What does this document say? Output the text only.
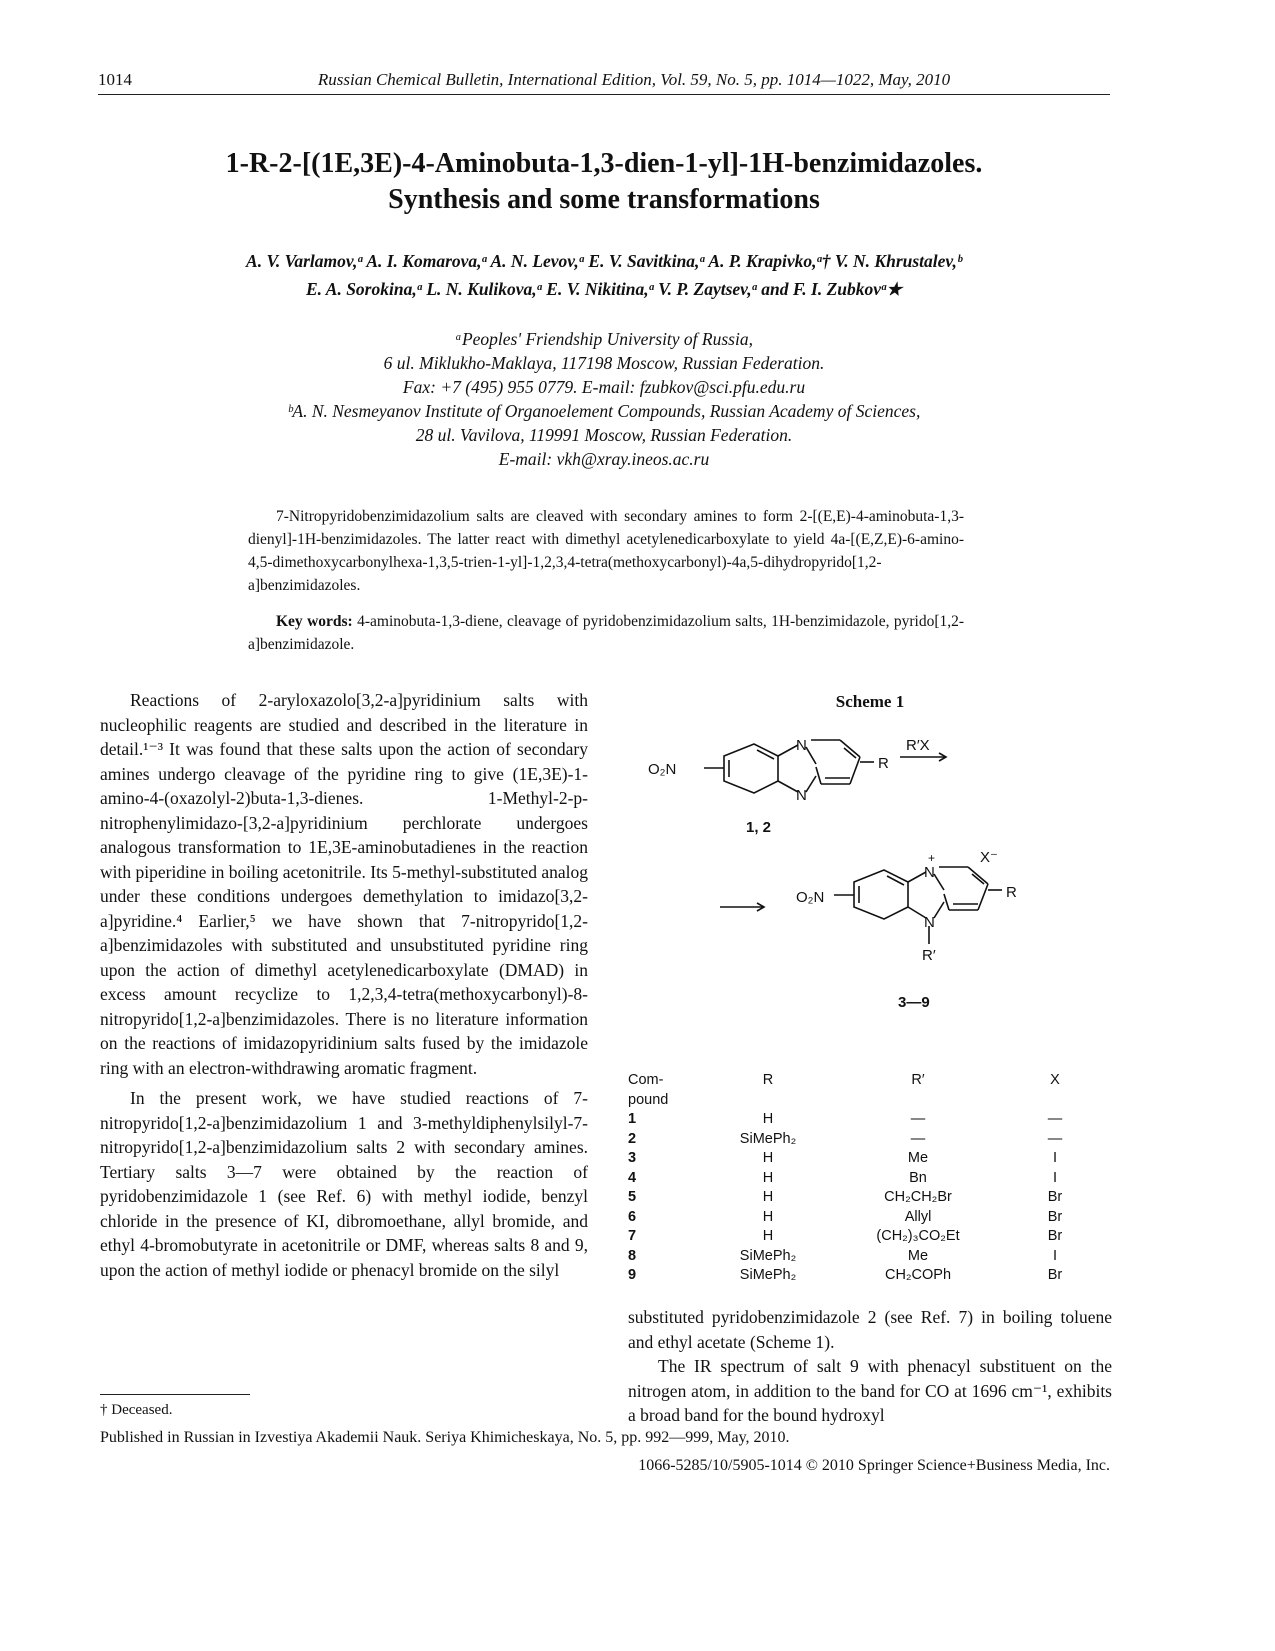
1014	Russian Chemical Bulletin, International Edition, Vol. 59, No. 5, pp. 1014—1022, May, 2010
1-R-2-[(1E,3E)-4-Aminobuta-1,3-dien-1-yl]-1H-benzimidazoles.
Synthesis and some transformations
A. V. Varlamov,ᵃ A. I. Komarova,ᵃ A. N. Levov,ᵃ E. V. Savitkina,ᵃ A. P. Krapivko,ᵃ† V. N. Khrustalev,ᵇ
E. A. Sorokina,ᵃ L. N. Kulikova,ᵃ E. V. Nikitina,ᵃ V. P. Zaytsev,ᵃ and F. I. Zubkovᵃ★
ᵃPeoples' Friendship University of Russia,
6 ul. Miklukho-Maklaya, 117198 Moscow, Russian Federation.
Fax: +7 (495) 955 0779. E-mail: fzubkov@sci.pfu.edu.ru
ᵇA. N. Nesmeyanov Institute of Organoelement Compounds, Russian Academy of Sciences,
28 ul. Vavilova, 119991 Moscow, Russian Federation.
E-mail: vkh@xray.ineos.ac.ru
7-Nitropyridobenzimidazolium salts are cleaved with secondary amines to form 2-[(E,E)-4-aminobuta-1,3-dienyl]-1H-benzimidazoles. The latter react with dimethyl acetylenedicarboxylate to yield 4a-[(E,Z,E)-6-amino-4,5-dimethoxycarbonylhexa-1,3,5-trien-1-yl]-1,2,3,4-tetra(methoxycarbonyl)-4a,5-dihydropyrido[1,2-a]benzimidazoles.
Key words: 4-aminobuta-1,3-diene, cleavage of pyridobenzimidazolium salts, 1H-benzimidazole, pyrido[1,2-a]benzimidazole.

Reactions of 2-aryloxazolo[3,2-a]pyridinium salts with nucleophilic reagents are studied and described in the literature in detail.¹⁻³ It was found that these salts upon the action of secondary amines undergo cleavage of the pyridine ring to give (1E,3E)-1-amino-4-(oxazolyl-2)buta-1,3-dienes. 1-Methyl-2-p-nitrophenylimidazo-[3,2-a]pyridinium perchlorate undergoes analogous transformation to 1E,3E-aminobutadienes in the reaction with piperidine in boiling acetonitrile. Its 5-methyl-substituted analog under these conditions undergoes demethylation to imidazo[3,2-a]pyridine.⁴ Earlier,⁵ we have shown that 7-nitropyrido[1,2-a]benzimidazoles with substituted and unsubstituted pyridine ring upon the action of dimethyl acetylenedicarboxylate (DMAD) in excess amount recyclize to 1,2,3,4-tetra(methoxycarbonyl)-8-nitropyrido[1,2-a]benzimidazoles. There is no literature information on the reactions of imidazopyridinium salts fused by the imidazole ring with an electron-withdrawing aromatic fragment.

In the present work, we have studied reactions of 7-nitropyrido[1,2-a]benzimidazolium 1 and 3-methyldiphenylsilyl-7-nitropyrido[1,2-a]benzimidazolium salts 2 with secondary amines. Tertiary salts 3—7 were obtained by the reaction of pyridobenzimidazole 1 (see Ref. 6) with methyl iodide, benzyl chloride in the presence of KI, dibromoethane, allyl bromide, and ethyl 4-bromobutyrate in acetonitrile or DMF, whereas salts 8 and 9, upon the action of methyl iodide or phenacyl bromide on the silyl

† Deceased.
Scheme 1
O₂N
N
N
R
R′X
1, 2
O₂N
N
+
N
R′
R
X⁻
3—9
Com-	R	R′	X
pound			
1	H	—	—
2	SiMePh₂	—	—
3	H	Me	I
4	H	Bn	I
5	H	CH₂CH₂Br	Br
6	H	Allyl	Br
7	H	(CH₂)₃CO₂Et	Br
8	SiMePh₂	Me	I
9	SiMePh₂	CH₂COPh	Br

substituted pyridobenzimidazole 2 (see Ref. 7) in boiling toluene and ethyl acetate (Scheme 1).

The IR spectrum of salt 9 with phenacyl substituent on the nitrogen atom, in addition to the band for CO at 1696 cm⁻¹, exhibits a broad band for the bound hydroxyl

Published in Russian in Izvestiya Akademii Nauk. Seriya Khimicheskaya, No. 5, pp. 992—999, May, 2010.
1066-5285/10/5905-1014 © 2010 Springer Science+Business Media, Inc.
